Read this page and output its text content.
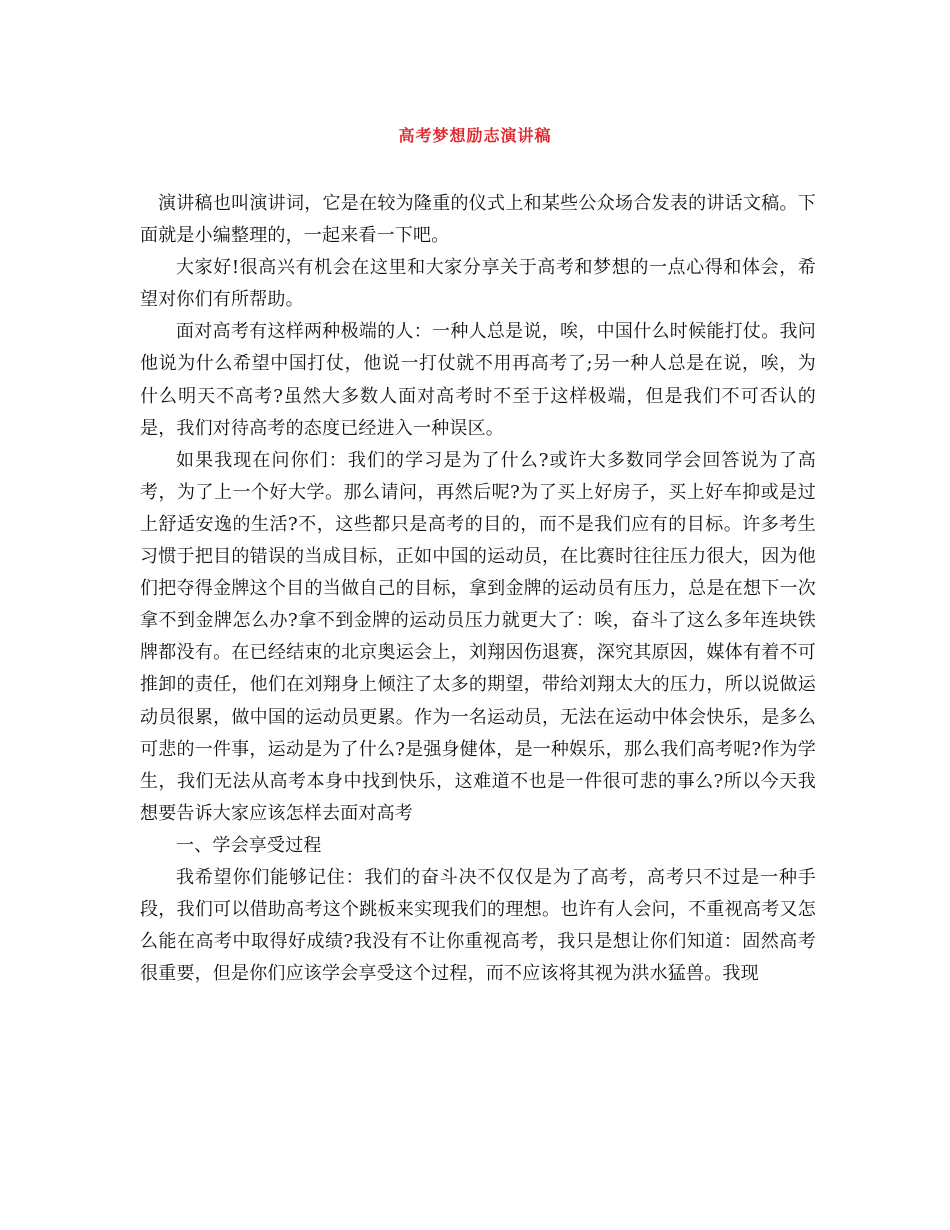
高考梦想励志演讲稿

演讲稿也叫演讲词，它是在较为隆重的仪式上和某些公众场合发表的讲话文稿。下面就是小编整理的，一起来看一下吧。

大家好!很高兴有机会在这里和大家分享关于高考和梦想的一点心得和体会，希望对你们有所帮助。

面对高考有这样两种极端的人：一种人总是说，唉，中国什么时候能打仗。我问他说为什么希望中国打仗，他说一打仗就不用再高考了;另一种人总是在说，唉，为什么明天不高考?虽然大多数人面对高考时不至于这样极端，但是我们不可否认的是，我们对待高考的态度已经进入一种误区。

如果我现在问你们：我们的学习是为了什么?或许大多数同学会回答说为了高考，为了上一个好大学。那么请问，再然后呢?为了买上好房子，买上好车抑或是过上舒适安逸的生活?不，这些都只是高考的目的，而不是我们应有的目标。许多考生习惯于把目的错误的当成目标，正如中国的运动员，在比赛时往往压力很大，因为他们把夺得金牌这个目的当做自己的目标，拿到金牌的运动员有压力，总是在想下一次拿不到金牌怎么办?拿不到金牌的运动员压力就更大了：唉，奋斗了这么多年连块铁牌都没有。在已经结束的北京奥运会上，刘翔因伤退赛，深究其原因，媒体有着不可推卸的责任，他们在刘翔身上倾注了太多的期望，带给刘翔太大的压力，所以说做运动员很累，做中国的运动员更累。作为一名运动员，无法在运动中体会快乐，是多么可悲的一件事，运动是为了什么?是强身健体，是一种娱乐，那么我们高考呢?作为学生，我们无法从高考本身中找到快乐，这难道不也是一件很可悲的事么?所以今天我想要告诉大家应该怎样去面对高考

一、学会享受过程

我希望你们能够记住：我们的奋斗决不仅仅是为了高考，高考只不过是一种手段，我们可以借助高考这个跳板来实现我们的理想。也许有人会问，不重视高考又怎么能在高考中取得好成绩?我没有不让你重视高考，我只是想让你们知道：固然高考很重要，但是你们应该学会享受这个过程，而不应该将其视为洪水猛兽。我现
